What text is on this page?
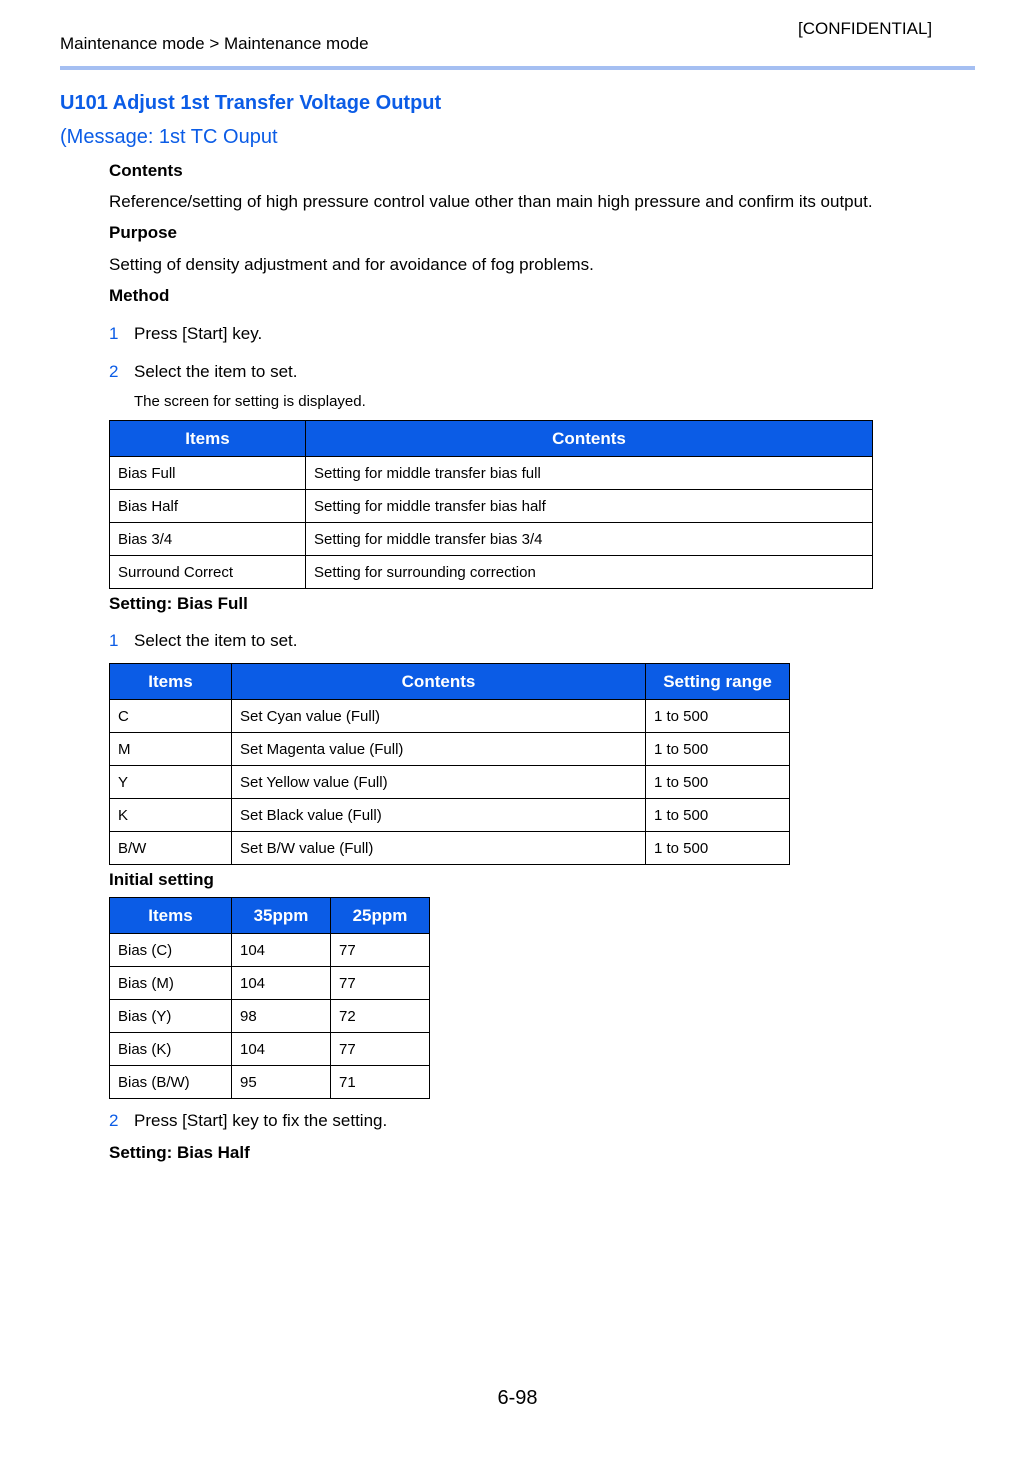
[CONFIDENTIAL]
Maintenance mode > Maintenance mode
U101 Adjust 1st Transfer Voltage Output
(Message: 1st TC Ouput
Contents
Reference/setting of high pressure control value other than main high pressure and confirm its output.
Purpose
Setting of density adjustment and for avoidance of fog problems.
Method
1 Press [Start] key.
2 Select the item to set.
The screen for setting is displayed.
Items	Contents
Bias Full	Setting for middle transfer bias full
Bias Half	Setting for middle transfer bias half
Bias 3/4	Setting for middle transfer bias 3/4
Surround Correct	Setting for surrounding correction
Setting: Bias Full
1 Select the item to set.
Items	Contents	Setting range
C	Set Cyan value (Full)	1 to 500
M	Set Magenta value (Full)	1 to 500
Y	Set Yellow value (Full)	1 to 500
K	Set Black value (Full)	1 to 500
B/W	Set B/W value (Full)	1 to 500
Initial setting
Items	35ppm	25ppm
Bias (C)	104	77
Bias (M)	104	77
Bias (Y)	98	72
Bias (K)	104	77
Bias (B/W)	95	71
2 Press [Start] key to fix the setting.
Setting: Bias Half
6-98
